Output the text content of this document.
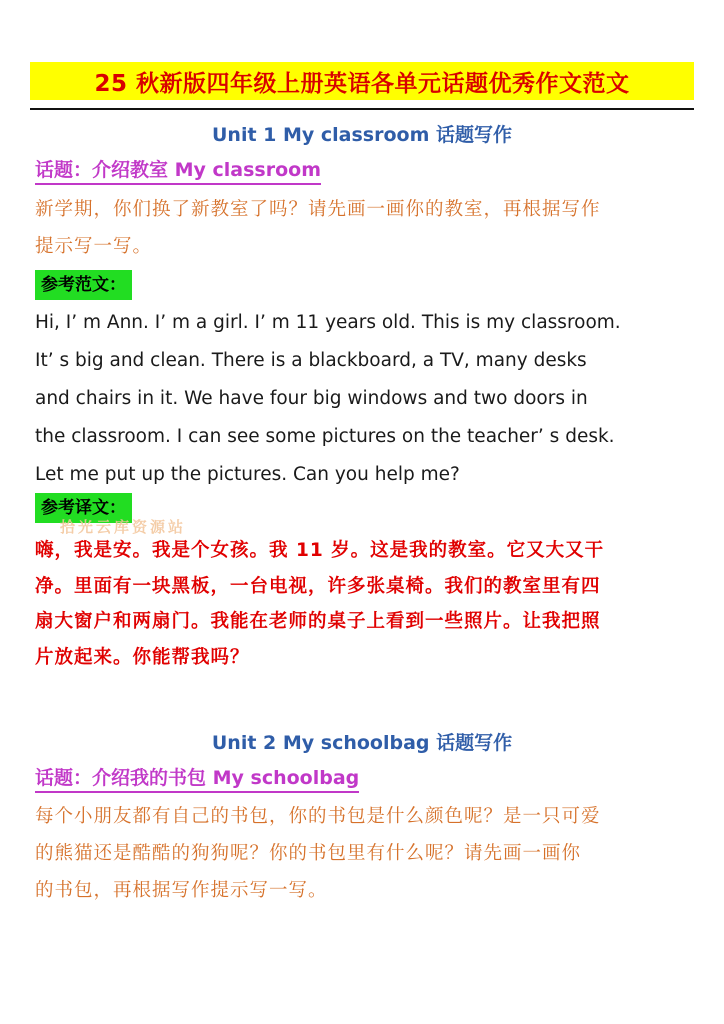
25 秋新版四年级上册英语各单元话题优秀作文范文
Unit 1 My classroom 话题写作
话题：介绍教室 My classroom
新学期，你们换了新教室了吗？请先画一画你的教室，再根据写作
提示写一写。
参考范文：
Hi, I’ m Ann. I’ m a girl. I’ m 11 years old. This is my classroom.
It’ s big and clean. There is a blackboard, a TV, many desks
and chairs in it. We have four big windows and two doors in
the classroom. I can see some pictures on the teacher’ s desk.
Let me put up the pictures. Can you help me?
参考译文：
拾光云库资源站
嗨，我是安。我是个女孩。我 11 岁。这是我的教室。它又大又干
净。里面有一块黑板，一台电视，许多张桌椅。我们的教室里有四
扇大窗户和两扇门。我能在老师的桌子上看到一些照片。让我把照
片放起来。你能帮我吗？
Unit 2 My schoolbag 话题写作
话题：介绍我的书包 My schoolbag
每个小朋友都有自己的书包，你的书包是什么颜色呢？是一只可爱
的熊猫还是酷酷的狗狗呢？你的书包里有什么呢？请先画一画你
的书包，再根据写作提示写一写。
